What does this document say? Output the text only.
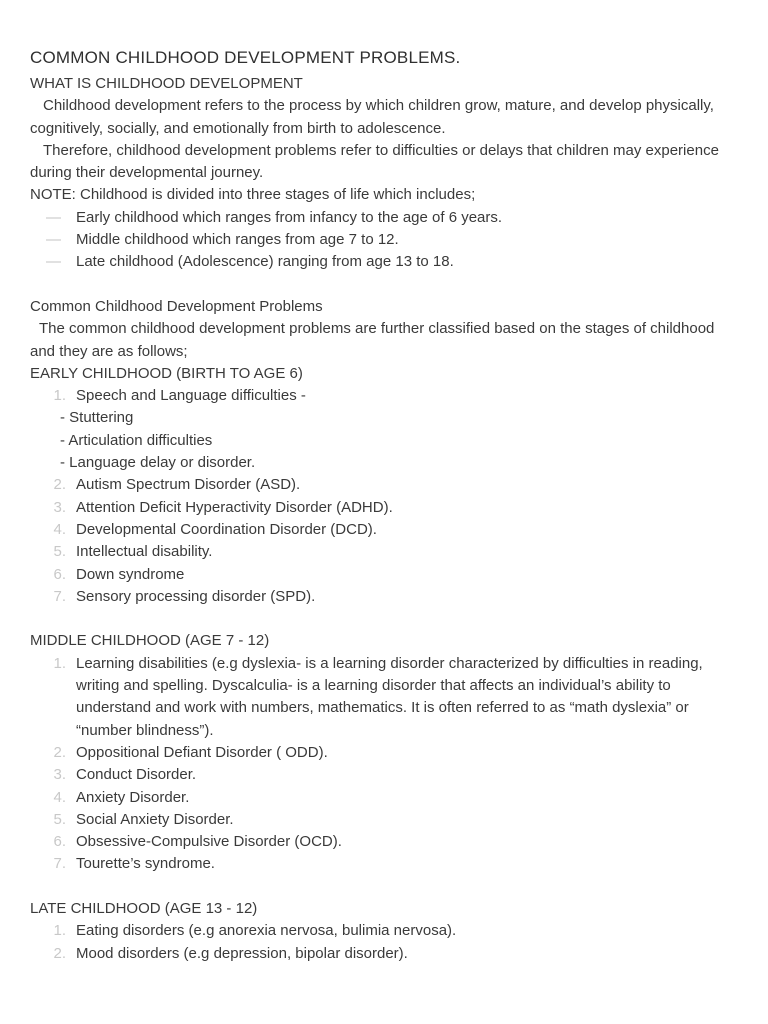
COMMON CHILDHOOD DEVELOPMENT PROBLEMS.

WHAT IS CHILDHOOD DEVELOPMENT

Childhood development refers to the process by which children grow, mature, and develop physically, cognitively, socially, and emotionally from birth to adolescence.

Therefore, childhood development problems refer to difficulties or delays that children may experience during their developmental journey.

NOTE: Childhood is divided into three stages of life which includes;

— Early childhood which ranges from infancy to the age of 6 years.
— Middle childhood which ranges from age 7 to 12.
— Late childhood (Adolescence) ranging from age 13 to 18.

Common Childhood Development Problems

The common childhood development problems are further classified based on the stages of childhood and they are as follows;

EARLY CHILDHOOD (BIRTH TO AGE 6)

1. Speech and Language difficulties -

- Stuttering

- Articulation difficulties

- Language delay or disorder.

2. Autism Spectrum Disorder (ASD).
3. Attention Deficit Hyperactivity Disorder (ADHD).
4. Developmental Coordination Disorder (DCD).
5. Intellectual disability.
6. Down syndrome
7. Sensory processing disorder (SPD).

MIDDLE CHILDHOOD (AGE 7 - 12)

1. Learning disabilities (e.g dyslexia- is a learning disorder characterized by difficulties in reading, writing and spelling. Dyscalculia- is a learning disorder that affects an individual’s ability to understand and work with numbers, mathematics. It is often referred to as “math dyslexia” or “number blindness”).
2. Oppositional Defiant Disorder ( ODD).
3. Conduct Disorder.
4. Anxiety Disorder.
5. Social Anxiety Disorder.
6. Obsessive-Compulsive Disorder (OCD).
7. Tourette’s syndrome.

LATE CHILDHOOD (AGE 13 - 12)

1. Eating disorders (e.g anorexia nervosa, bulimia nervosa).
2. Mood disorders (e.g depression, bipolar disorder).
